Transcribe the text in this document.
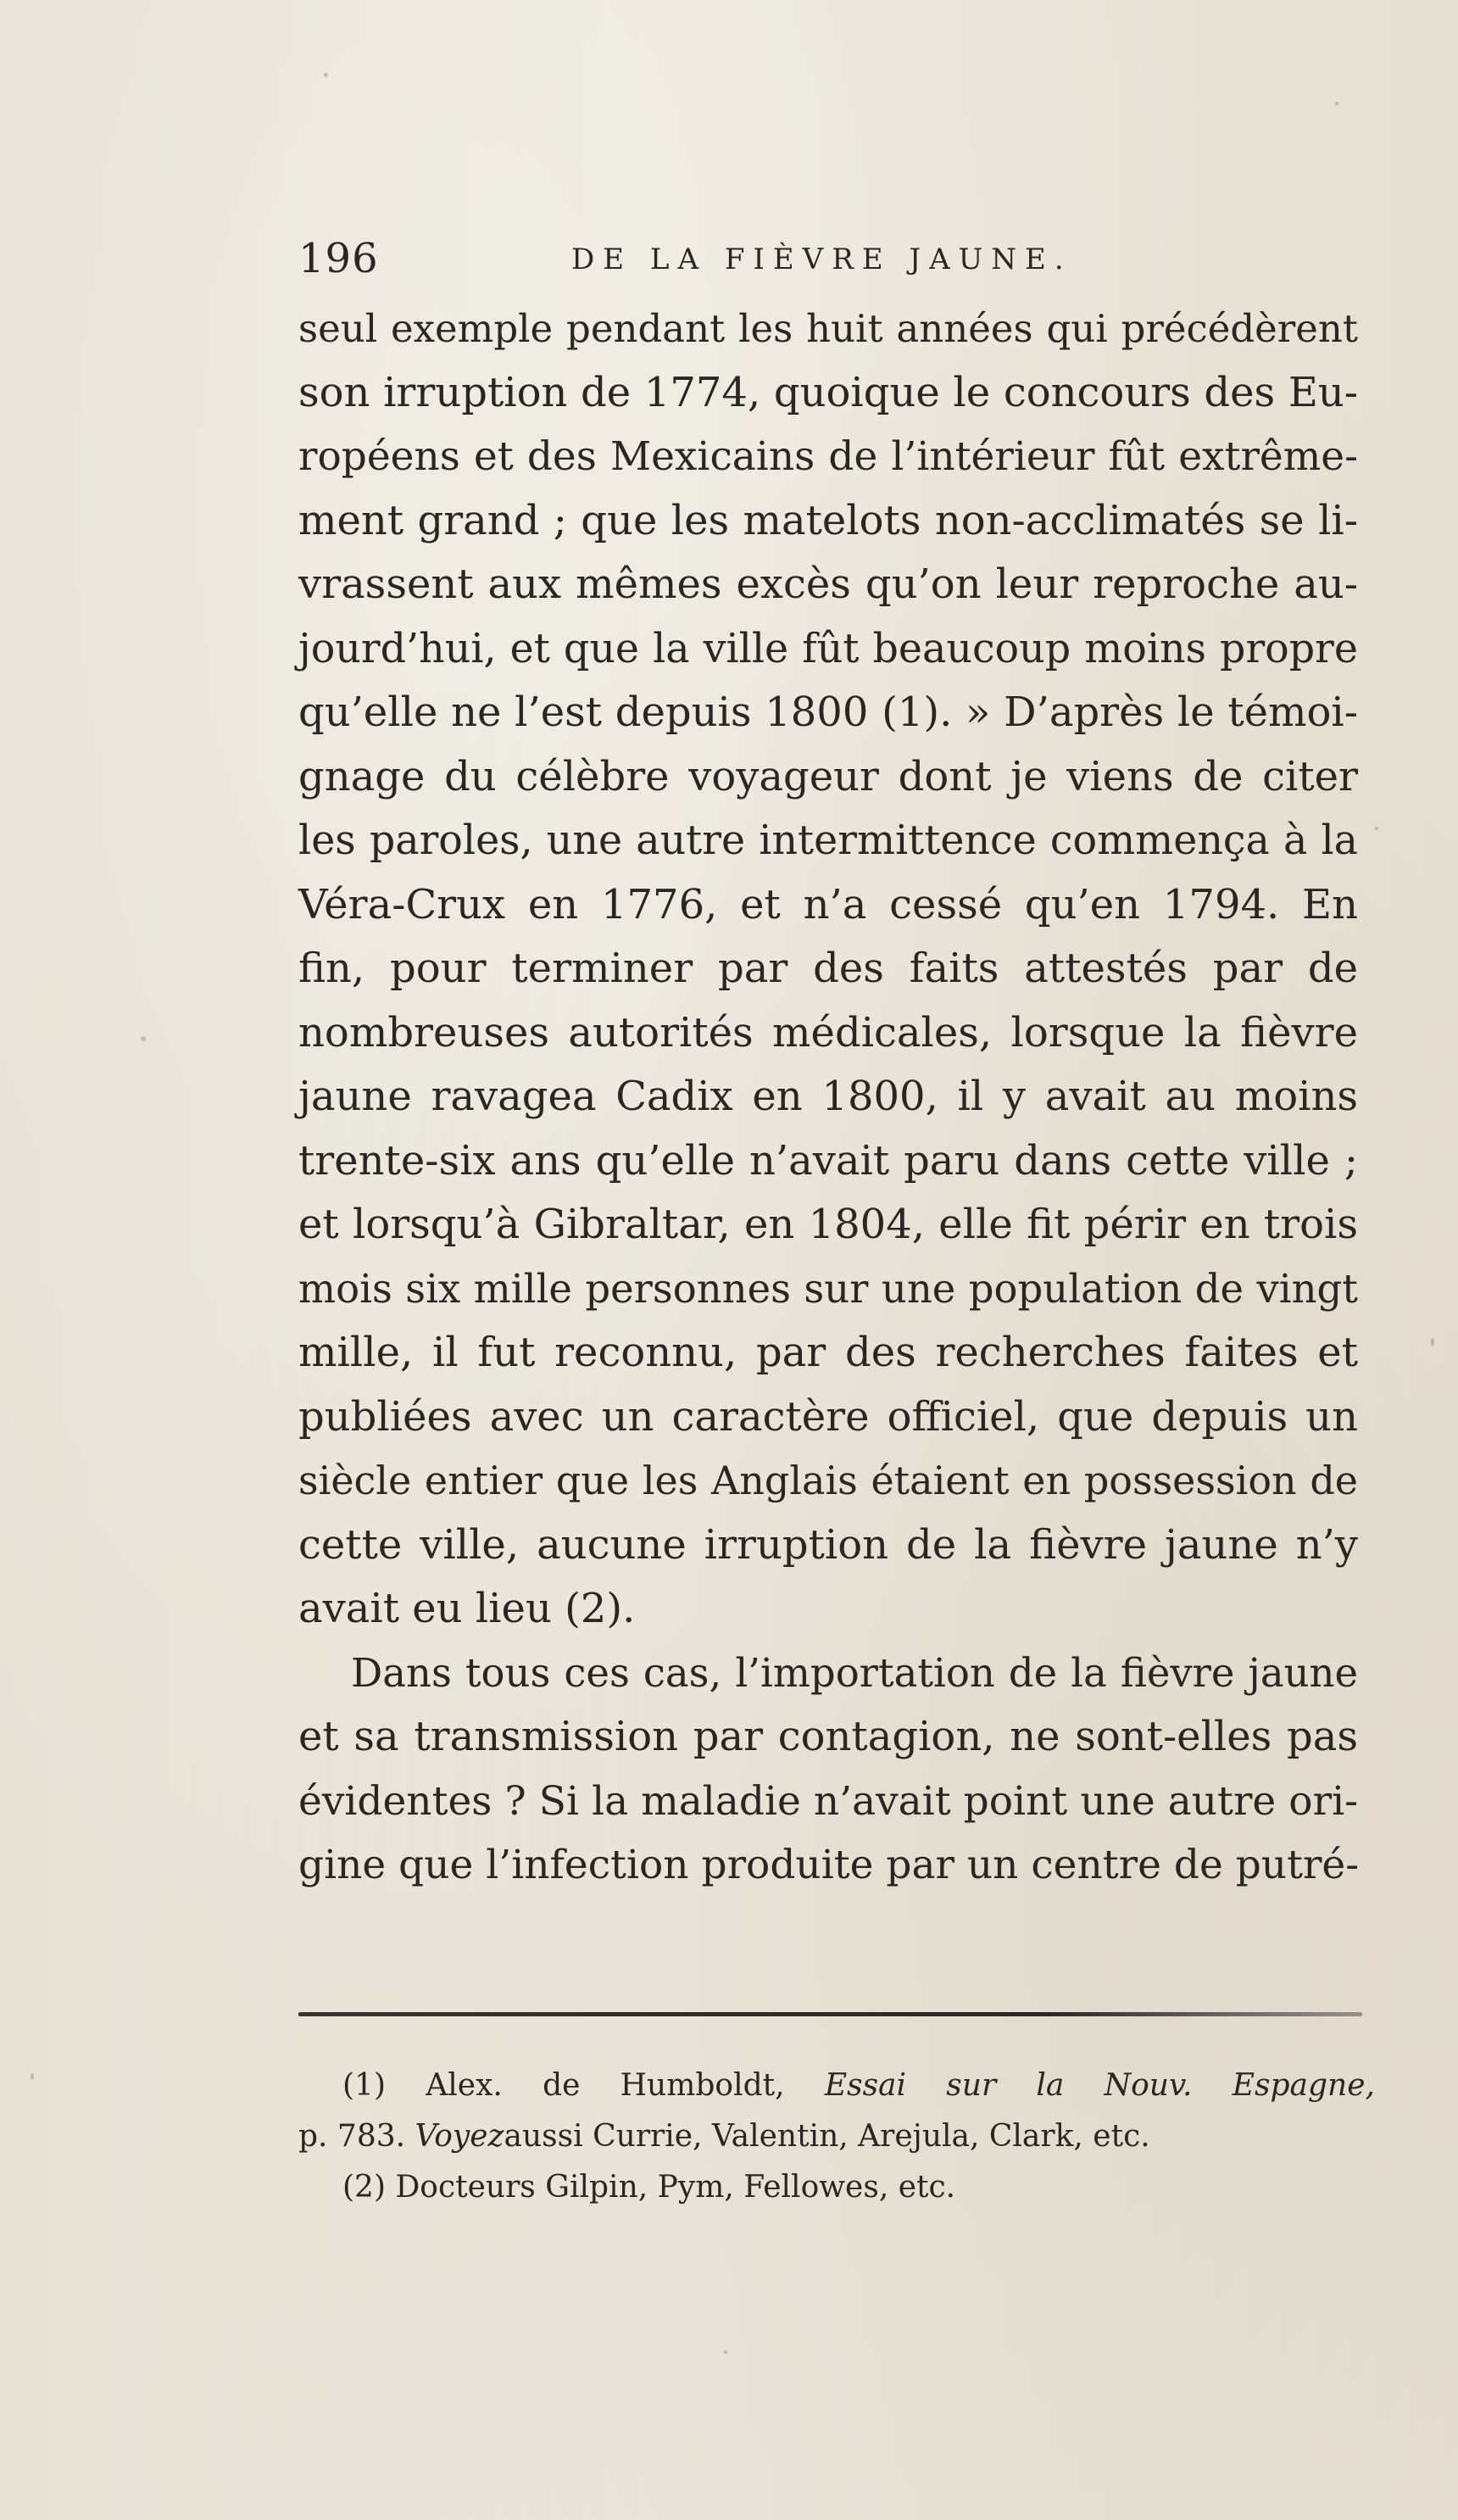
196	DE LA FIÈVRE JAUNE.
seul exemple pendant les huit années qui précédèrent
son irruption de 1774, quoique le concours des Eu-
ropéens et des Mexicains de l’intérieur fût extrême-
ment grand ; que les matelots non-acclimatés se li-
vrassent aux mêmes excès qu’on leur reproche au-
jourd’hui, et que la ville fût beaucoup moins propre
qu’elle ne l’est depuis 1800 (1). » D’après le témoi-
gnage du célèbre voyageur dont je viens de citer
les paroles, une autre intermittence commença à la
Véra-Crux en 1776, et n’a cessé qu’en 1794. En
fin, pour terminer par des faits attestés par de
nombreuses autorités médicales, lorsque la fièvre
jaune ravagea Cadix en 1800, il y avait au moins
trente-six ans qu’elle n’avait paru dans cette ville ;
et lorsqu’à Gibraltar, en 1804, elle fit périr en trois
mois six mille personnes sur une population de vingt
mille, il fut reconnu, par des recherches faites et
publiées avec un caractère officiel, que depuis un
siècle entier que les Anglais étaient en possession de
cette ville, aucune irruption de la fièvre jaune n’y
avait eu lieu (2).
Dans tous ces cas, l’importation de la fièvre jaune
et sa transmission par contagion, ne sont-elles pas
évidentes ? Si la maladie n’avait point une autre ori-
gine que l’infection produite par un centre de putré-
(1) Alex. de Humboldt, Essai sur la Nouv. Espagne,
p. 783. Voyezaussi Currie, Valentin, Arejula, Clark, etc.
(2) Docteurs Gilpin, Pym, Fellowes, etc.
